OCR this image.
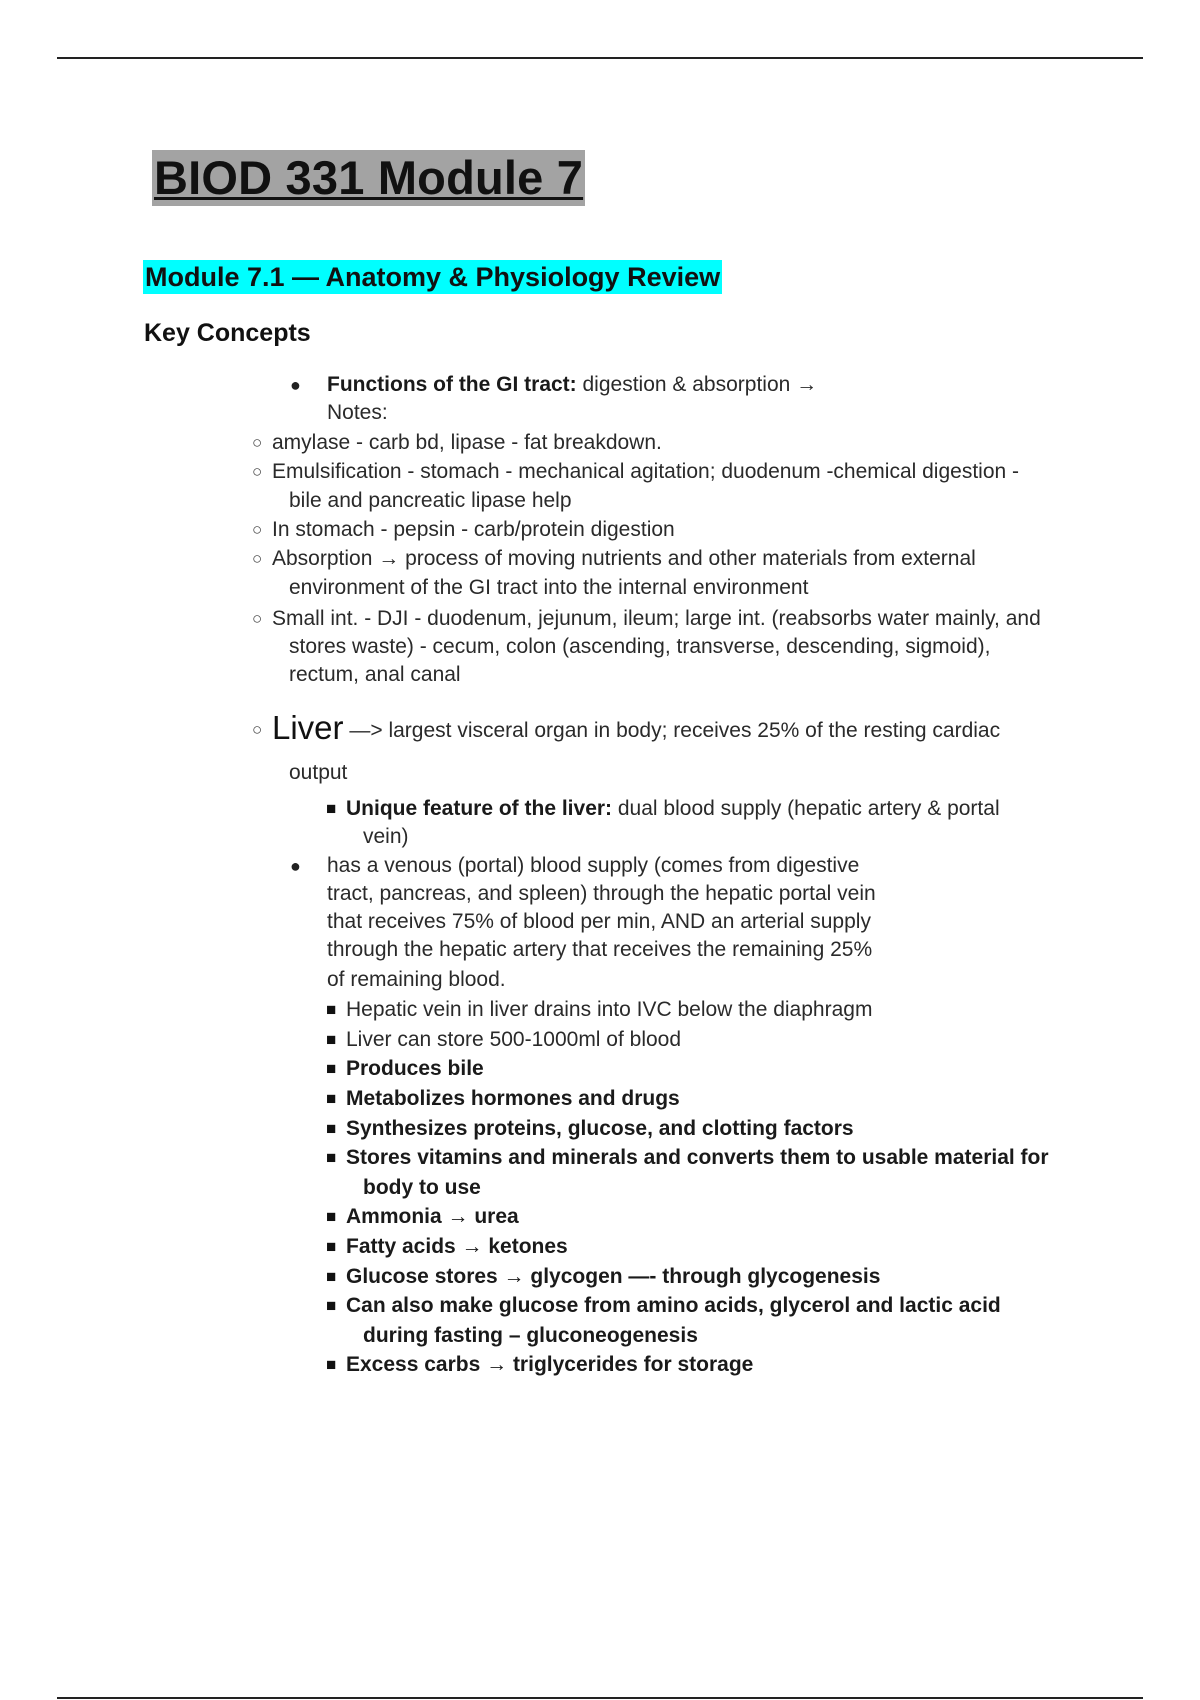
BIOD 331 Module 7
Module 7.1 — Anatomy & Physiology Review
Key Concepts
● Functions of the GI tract: digestion & absorption →
Notes:
○ amylase - carb bd, lipase - fat breakdown.
○ Emulsification - stomach - mechanical agitation; duodenum -chemical digestion -
bile and pancreatic lipase help
○ In stomach - pepsin - carb/protein digestion
○ Absorption → process of moving nutrients and other materials from external
environment of the GI tract into the internal environment
○ Small int. - DJI - duodenum, jejunum, ileum; large int. (reabsorbs water mainly, and
stores waste) - cecum, colon (ascending, transverse, descending, sigmoid),
rectum, anal canal
○ Liver —> largest visceral organ in body; receives 25% of the resting cardiac
output
■ Unique feature of the liver: dual blood supply (hepatic artery & portal
vein)
● has a venous (portal) blood supply (comes from digestive
tract, pancreas, and spleen) through the hepatic portal vein
that receives 75% of blood per min, AND an arterial supply
through the hepatic artery that receives the remaining 25%
of remaining blood.
■ Hepatic vein in liver drains into IVC below the diaphragm
■ Liver can store 500-1000ml of blood
■ Produces bile
■ Metabolizes hormones and drugs
■ Synthesizes proteins, glucose, and clotting factors
■ Stores vitamins and minerals and converts them to usable material for
body to use
■ Ammonia → urea
■ Fatty acids → ketones
■ Glucose stores → glycogen —- through glycogenesis
■ Can also make glucose from amino acids, glycerol and lactic acid
during fasting – gluconeogenesis
■ Excess carbs → triglycerides for storage
